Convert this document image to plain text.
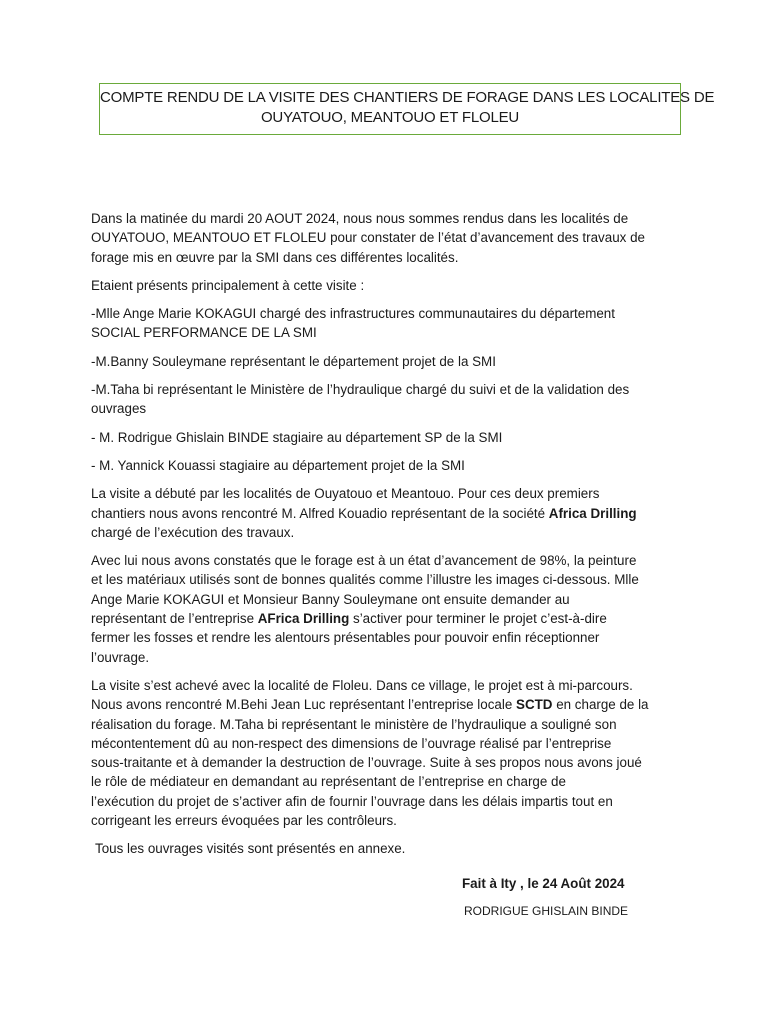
COMPTE RENDU DE LA VISITE DES CHANTIERS DE FORAGE DANS LES LOCALITES DE
OUYATOUO, MEANTOUO ET FLOLEU

Dans la matinée du mardi 20 AOUT 2024, nous nous sommes rendus dans les localités de
OUYATOUO, MEANTOUO ET FLOLEU pour constater de l’état d’avancement des travaux de
forage mis en œuvre par la SMI dans ces différentes localités.

Etaient présents principalement à cette visite :

-Mlle Ange Marie KOKAGUI chargé des infrastructures communautaires du département
SOCIAL PERFORMANCE DE LA SMI

-M.Banny Souleymane représentant le département projet de la SMI

-M.Taha bi représentant le Ministère de l’hydraulique chargé du suivi et de la validation des
ouvrages

- M. Rodrigue Ghislain BINDE stagiaire au département SP de la SMI

- M. Yannick Kouassi stagiaire au département projet de la SMI

La visite a débuté par les localités de Ouyatouo et Meantouo. Pour ces deux premiers
chantiers nous avons rencontré M. Alfred Kouadio représentant de la société Africa Drilling
chargé de l’exécution des travaux.

Avec lui nous avons constatés que le forage est à un état d’avancement de 98%, la peinture
et les matériaux utilisés sont de bonnes qualités comme l’illustre les images ci-dessous. Mlle
Ange Marie KOKAGUI et Monsieur Banny Souleymane ont ensuite demander au
représentant de l’entreprise AFrica Drilling s’activer pour terminer le projet c’est-à-dire
fermer les fosses et rendre les alentours présentables pour pouvoir enfin réceptionner
l’ouvrage.

La visite s’est achevé avec la localité de Floleu. Dans ce village, le projet est à mi-parcours.
Nous avons rencontré M.Behi Jean Luc représentant l’entreprise locale SCTD en charge de la
réalisation du forage. M.Taha bi représentant le ministère de l’hydraulique a souligné son
mécontentement dû au non-respect des dimensions de l’ouvrage réalisé par l’entreprise
sous-traitante et à demander la destruction de l’ouvrage. Suite à ses propos nous avons joué
le rôle de médiateur en demandant au représentant de l’entreprise en charge de
l’exécution du projet de s’activer afin de fournir l’ouvrage dans les délais impartis tout en
corrigeant les erreurs évoquées par les contrôleurs.

Tous les ouvrages visités sont présentés en annexe.

Fait à Ity , le 24 Août 2024
RODRIGUE GHISLAIN BINDE
